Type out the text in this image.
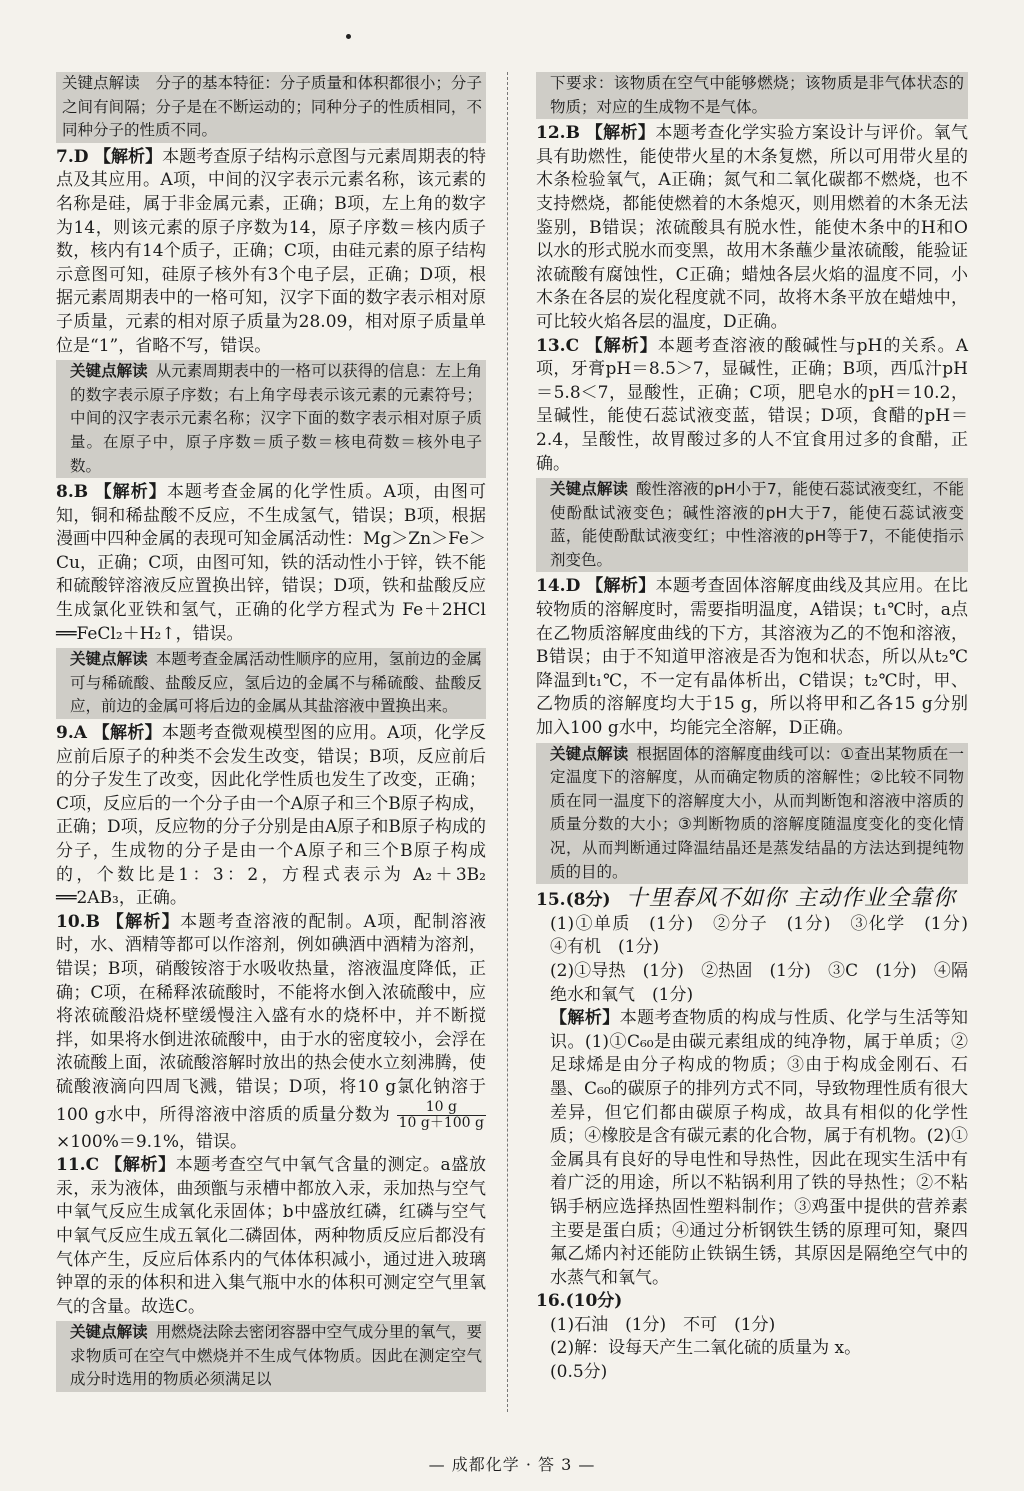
关键点解读　分子的基本特征：分子质量和体积都很小；分子之间有间隔；分子是在不断运动的；同种分子的性质相同，不同种分子的性质不同。

7.D 【解析】本题考查原子结构示意图与元素周期表的特点及其应用。A项，中间的汉字表示元素名称，该元素的名称是硅，属于非金属元素，正确；B项，左上角的数字为14，则该元素的原子序数为14，原子序数＝核内质子数，核内有14个质子，正确；C项，由硅元素的原子结构示意图可知，硅原子核外有3个电子层，正确；D项，根据元素周期表中的一格可知，汉字下面的数字表示相对原子质量，元素的相对原子质量为28.09，相对原子质量单位是“1”，省略不写，错误。

关键点解读 从元素周期表中的一格可以获得的信息：左上角的数字表示原子序数；右上角字母表示该元素的元素符号；中间的汉字表示元素名称；汉字下面的数字表示相对原子质量。在原子中，原子序数＝质子数＝核电荷数＝核外电子数。

8.B 【解析】本题考查金属的化学性质。A项，由图可知，铜和稀盐酸不反应，不生成氢气，错误；B项，根据漫画中四种金属的表现可知金属活动性：Mg＞Zn＞Fe＞Cu，正确；C项，由图可知，铁的活动性小于锌，铁不能和硫酸锌溶液反应置换出锌，错误；D项，铁和盐酸反应生成氯化亚铁和氢气，正确的化学方程式为 Fe＋2HCl ══FeCl₂＋H₂↑，错误。

关键点解读 本题考查金属活动性顺序的应用，氢前边的金属可与稀硫酸、盐酸反应，氢后边的金属不与稀硫酸、盐酸反应，前边的金属可将后边的金属从其盐溶液中置换出来。

9.A 【解析】本题考查微观模型图的应用。A项，化学反应前后原子的种类不会发生改变，错误；B项，反应前后的分子发生了改变，因此化学性质也发生了改变，正确；C项，反应后的一个分子由一个A原子和三个B原子构成，正确；D项，反应物的分子分别是由A原子和B原子构成的分子，生成物的分子是由一个A原子和三个B原子构成的，个数比是1：3：2，方程式表示为 A₂＋3B₂ ══2AB₃，正确。

10.B 【解析】本题考查溶液的配制。A项，配制溶液时，水、酒精等都可以作溶剂，例如碘酒中酒精为溶剂，错误；B项，硝酸铵溶于水吸收热量，溶液温度降低，正确；C项，在稀释浓硫酸时，不能将水倒入浓硫酸中，应将浓硫酸沿烧杯壁缓慢注入盛有水的烧杯中，并不断搅拌，如果将水倒进浓硫酸中，由于水的密度较小，会浮在浓硫酸上面，浓硫酸溶解时放出的热会使水立刻沸腾，使硫酸液滴向四周飞溅，错误；D项，将10 g氯化钠溶于100 g水中，所得溶液中溶质的质量分数为 $\frac{10 g}{10 g+100 g}$
×100%＝9.1%，错误。

11.C 【解析】本题考查空气中氧气含量的测定。a盛放汞，汞为液体，曲颈甑与汞槽中都放入汞，汞加热与空气中氧气反应生成氧化汞固体；b中盛放红磷，红磷与空气中氧气反应生成五氧化二磷固体，两种物质反应后都没有气体产生，反应后体系内的气体体积减小，通过进入玻璃钟罩的汞的体积和进入集气瓶中水的体积可测定空气里氧气的含量。故选C。

关键点解读 用燃烧法除去密闭容器中空气成分里的氧气，要求物质可在空气中燃烧并不生成气体物质。因此在测定空气成分时选用的物质必须满足以
下要求：该物质在空气中能够燃烧；该物质是非气体状态的物质；对应的生成物不是气体。

12.B 【解析】本题考查化学实验方案设计与评价。氧气具有助燃性，能使带火星的木条复燃，所以可用带火星的木条检验氧气，A正确；氮气和二氧化碳都不燃烧，也不支持燃烧，都能使燃着的木条熄灭，则用燃着的木条无法鉴别，B错误；浓硫酸具有脱水性，能使木条中的H和O以水的形式脱水而变黑，故用木条蘸少量浓硫酸，能验证浓硫酸有腐蚀性，C正确；蜡烛各层火焰的温度不同，小木条在各层的炭化程度就不同，故将木条平放在蜡烛中，可比较火焰各层的温度，D正确。

13.C 【解析】本题考查溶液的酸碱性与pH的关系。A项，牙膏pH＝8.5＞7，显碱性，正确；B项，西瓜汁pH＝5.8＜7，显酸性，正确；C项，肥皂水的pH＝10.2，呈碱性，能使石蕊试液变蓝，错误；D项，食醋的pH＝2.4，呈酸性，故胃酸过多的人不宜食用过多的食醋，正确。

关键点解读 酸性溶液的pH小于7，能使石蕊试液变红，不能使酚酞试液变色；碱性溶液的pH大于7，能使石蕊试液变蓝，能使酚酞试液变红；中性溶液的pH等于7，不能使指示剂变色。

14.D 【解析】本题考查固体溶解度曲线及其应用。在比较物质的溶解度时，需要指明温度，A错误；t₁℃时，a点在乙物质溶解度曲线的下方，其溶液为乙的不饱和溶液，B错误；由于不知道甲溶液是否为饱和状态，所以从t₂℃降温到t₁℃，不一定有晶体析出，C错误；t₂℃时，甲、乙物质的溶解度均大于15 g，所以将甲和乙各15 g分别加入100 g水中，均能完全溶解，D正确。

关键点解读 根据固体的溶解度曲线可以：①查出某物质在一定温度下的溶解度，从而确定物质的溶解性；②比较不同物质在同一温度下的溶解度大小，从而判断饱和溶液中溶质的质量分数的大小；③判断物质的溶解度随温度变化的变化情况，从而判断通过降温结晶还是蒸发结晶的方法达到提纯物质的目的。

15.(8分) 十里春风不如你 主动作业全靠你

(1)①单质　(1分)　②分子　(1分)　③化学　(1分)　④有机　(1分)

(2)①导热　(1分)　②热固　(1分)　③C　(1分)　④隔绝水和氧气　(1分)

【解析】本题考查物质的构成与性质、化学与生活等知识。(1)①C₆₀是由碳元素组成的纯净物，属于单质；②足球烯是由分子构成的物质；③由于构成金刚石、石墨、C₆₀的碳原子的排列方式不同，导致物理性质有很大差异，但它们都由碳原子构成，故具有相似的化学性质；④橡胶是含有碳元素的化合物，属于有机物。(2)①金属具有良好的导电性和导热性，因此在现实生活中有着广泛的用途，所以不粘锅利用了铁的导热性；②不粘锅手柄应选择热固性塑料制作；③鸡蛋中提供的营养素主要是蛋白质；④通过分析钢铁生锈的原理可知，聚四氟乙烯内衬还能防止铁锅生锈，其原因是隔绝空气中的水蒸气和氧气。

16.(10分)

(1)石油　(1分)　不可　(1分)

(2)解：设每天产生二氧化硫的质量为 x。

(0.5分)

— 成都化学 · 答 3 —
